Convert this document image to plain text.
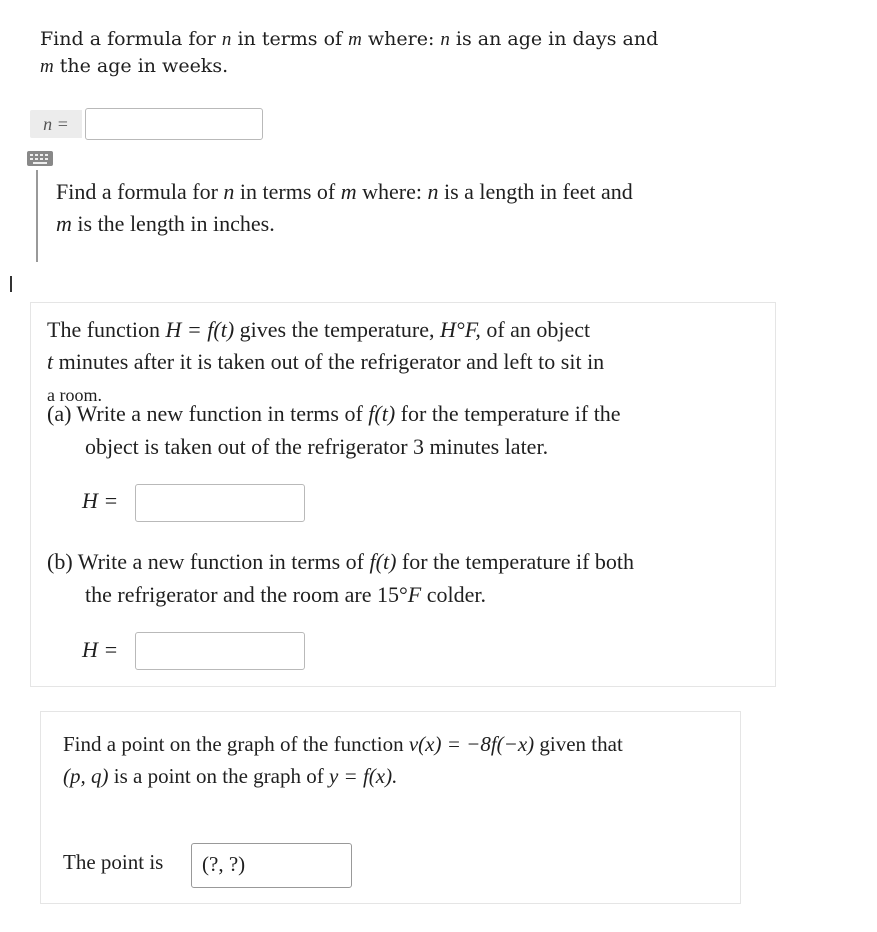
Find a formula for n in terms of m where: n is an age in days and
m the age in weeks.
n =
Find a formula for n in terms of m where: n is a length in feet and
m is the length in inches.
The function H = f(t) gives the temperature, H°F, of an object
t minutes after it is taken out of the refrigerator and left to sit in
a room.
(a) Write a new function in terms of f(t) for the temperature if the
object is taken out of the refrigerator 3 minutes later.
H =
(b) Write a new function in terms of f(t) for the temperature if both
the refrigerator and the room are 15°F colder.
H =
Find a point on the graph of the function v(x) = −8f(−x) given that
(p, q) is a point on the graph of y = f(x).
The point is	(?, ?)
